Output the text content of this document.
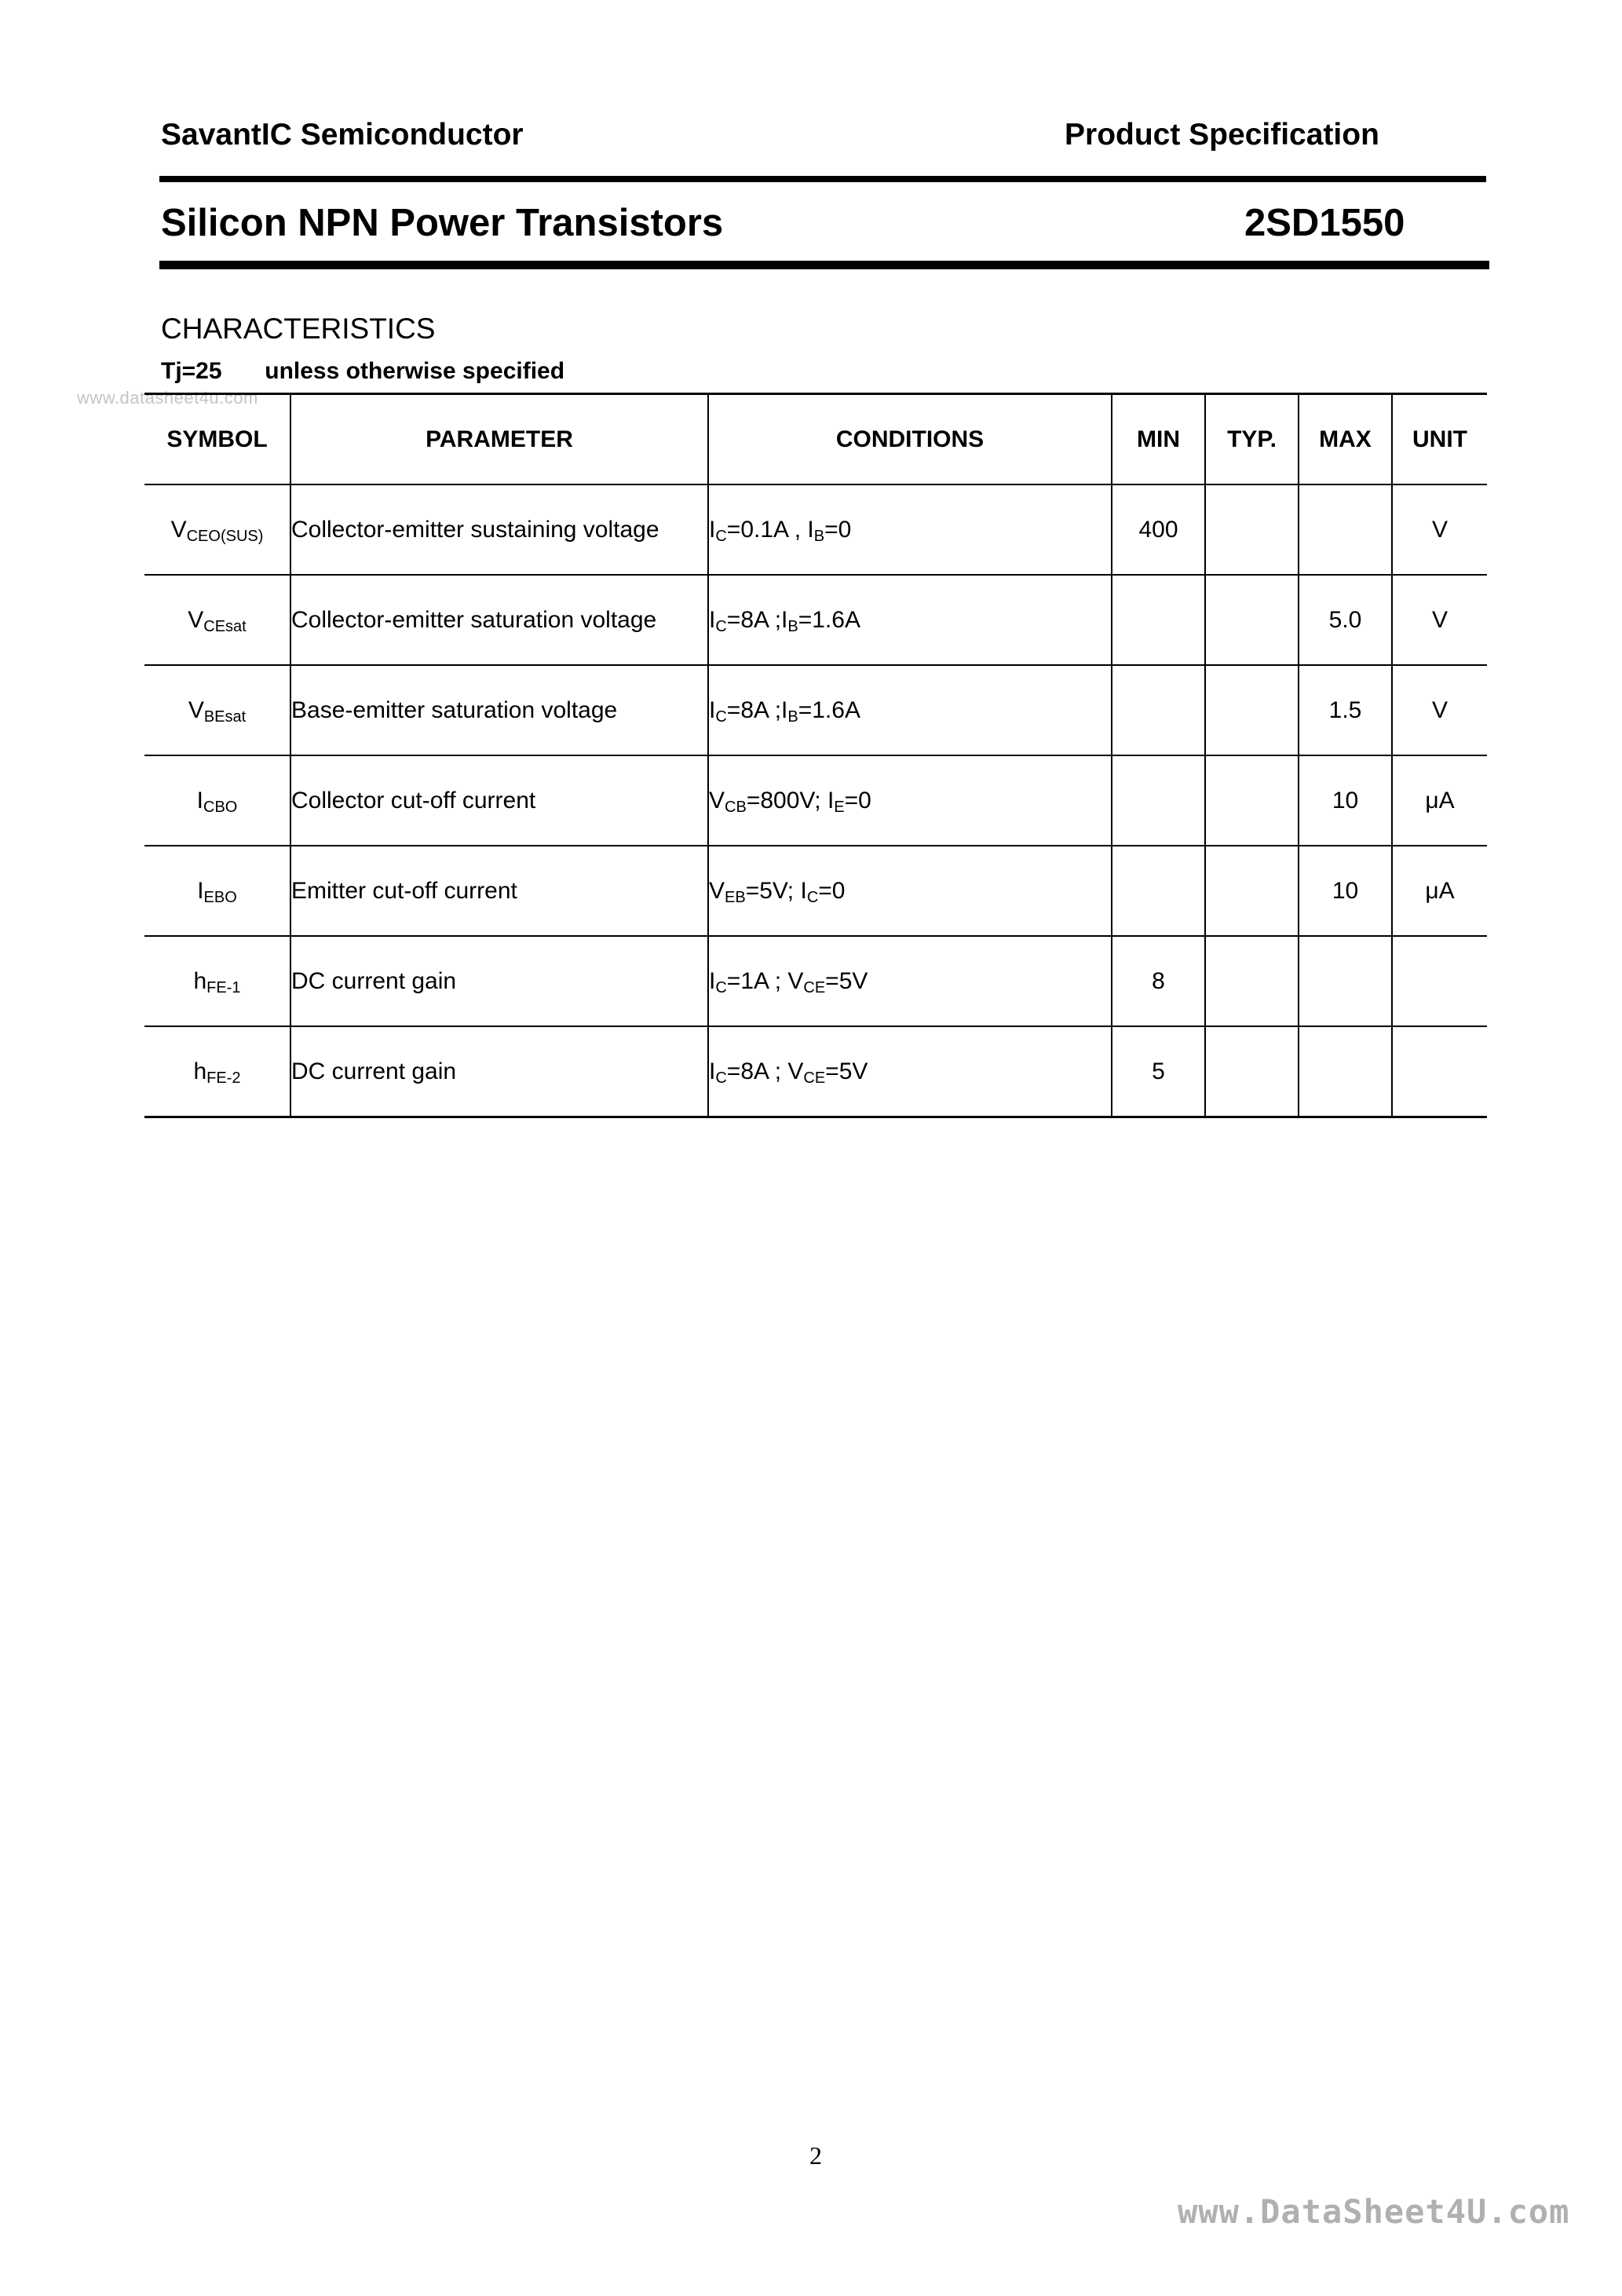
SavantIC Semiconductor	Product Specification
Silicon NPN Power Transistors	2SD1550
CHARACTERISTICS
Tj=25 unless otherwise specified
www.datasheet4u.com
SYMBOL	PARAMETER	CONDITIONS	MIN	TYP.	MAX	UNIT
$V_{CEO(SUS)}$	Collector-emitter sustaining voltage	$I_C=0.1A$ , $I_B=0$	400			V
$V_{CEsat}$	Collector-emitter saturation voltage	$I_C=8A$ $;I_B=1.6A$			5.0	V
$V_{BEsat}$	Base-emitter saturation voltage	$I_C=8A$ $;I_B=1.6A$			1.5	V
$I_{CBO}$	Collector cut-off current	$V_{CB}=800V$; $I_E=0$			10	μA
$I_{EBO}$	Emitter cut-off current	$V_{EB}=5V$; $I_C=0$			10	μA
$h_{FE-1}$	DC current gain	$I_C=1A$ ; $V_{CE}=5V$	8			
$h_{FE-2}$	DC current gain	$I_C=8A$ ; $V_{CE}=5V$	5			
2
www.DataSheet4U.com
